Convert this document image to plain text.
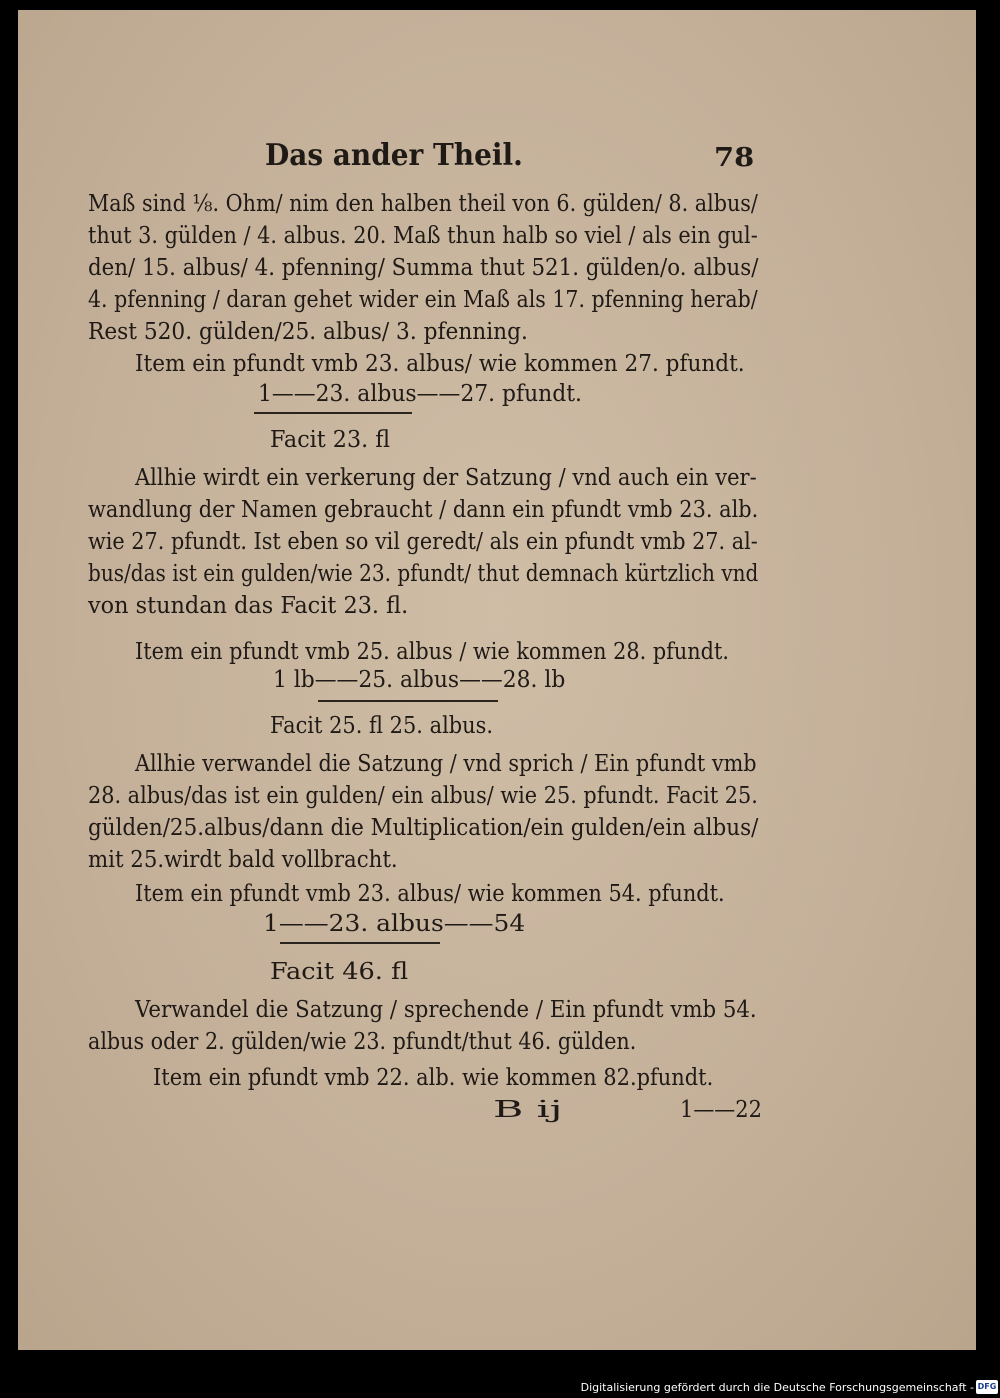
Das ander Theil.	78
Maß sind ⅛. Ohm/ nim den halben theil von 6. gülden/ 8. albus/
thut 3. gülden / 4. albus. 20. Maß thun halb so viel / als ein gul-
den/ 15. albus/ 4. pfenning/ Summa thut 521. gülden/o. albus/
4. pfenning / daran gehet wider ein Maß als 17. pfenning herab/
Rest 520. gülden/25. albus/ 3. pfenning.
Item ein pfundt vmb 23. albus/ wie kommen 27. pfundt.
1——23. albus——27. pfundt.
Facit 23. fl
Allhie wirdt ein verkerung der Satzung / vnd auch ein ver-
wandlung der Namen gebraucht / dann ein pfundt vmb 23. alb.
wie 27. pfundt. Ist eben so vil geredt/ als ein pfundt vmb 27. al-
bus/das ist ein gulden/wie 23. pfundt/ thut demnach kürtzlich vnd
von stundan das Facit 23. fl.
Item ein pfundt vmb 25. albus / wie kommen 28. pfundt.
1 lb——25. albus——28. lb
Facit 25. fl 25. albus.
Allhie verwandel die Satzung / vnd sprich / Ein pfundt vmb
28. albus/das ist ein gulden/ ein albus/ wie 25. pfundt. Facit 25.
gülden/25.albus/dann die Multiplication/ein gulden/ein albus/
mit 25.wirdt bald vollbracht.
Item ein pfundt vmb 23. albus/ wie kommen 54. pfundt.
1——23. albus——54
Facit 46. fl
Verwandel die Satzung / sprechende / Ein pfundt vmb 54.
albus oder 2. gülden/wie 23. pfundt/thut 46. gülden.
Item ein pfundt vmb 22. alb. wie kommen 82.pfundt.
B ij	1——22
Digitalisierung gefördert durch die Deutsche Forschungsgemeinschaft - DFG
